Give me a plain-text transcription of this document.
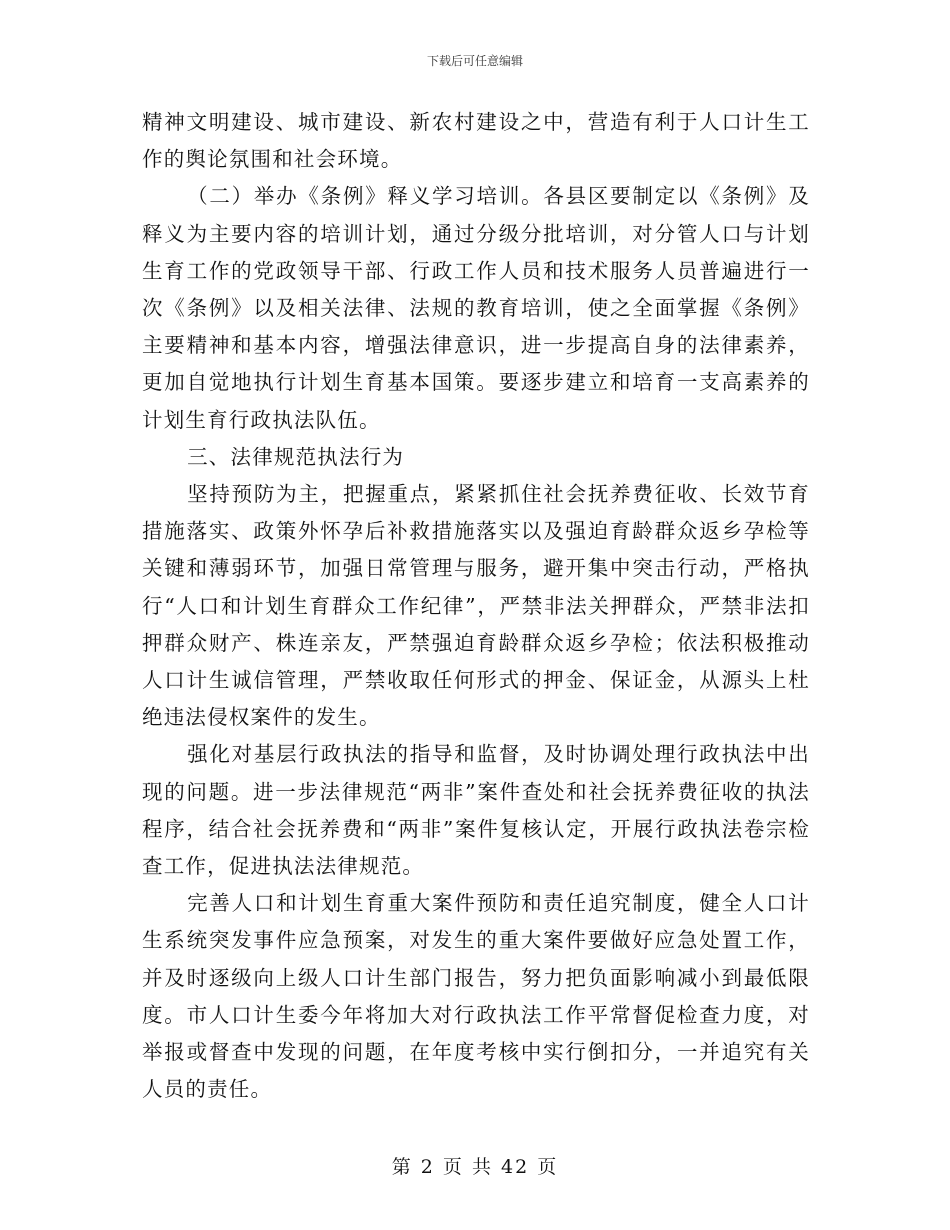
下载后可任意编辑

精神文明建设、城市建设、新农村建设之中，营造有利于人口计生工作的舆论氛围和社会环境。

（二）举办《条例》释义学习培训。各县区要制定以《条例》及释义为主要内容的培训计划，通过分级分批培训，对分管人口与计划生育工作的党政领导干部、行政工作人员和技术服务人员普遍进行一次《条例》以及相关法律、法规的教育培训，使之全面掌握《条例》主要精神和基本内容，增强法律意识，进一步提高自身的法律素养，更加自觉地执行计划生育基本国策。要逐步建立和培育一支高素养的计划生育行政执法队伍。

三、法律规范执法行为

坚持预防为主，把握重点，紧紧抓住社会抚养费征收、长效节育措施落实、政策外怀孕后补救措施落实以及强迫育龄群众返乡孕检等关键和薄弱环节，加强日常管理与服务，避开集中突击行动，严格执行“人口和计划生育群众工作纪律”，严禁非法关押群众，严禁非法扣押群众财产、株连亲友，严禁强迫育龄群众返乡孕检；依法积极推动人口计生诚信管理，严禁收取任何形式的押金、保证金，从源头上杜绝违法侵权案件的发生。

强化对基层行政执法的指导和监督，及时协调处理行政执法中出现的问题。进一步法律规范“两非”案件查处和社会抚养费征收的执法程序，结合社会抚养费和“两非”案件复核认定，开展行政执法卷宗检查工作，促进执法法律规范。

完善人口和计划生育重大案件预防和责任追究制度，健全人口计生系统突发事件应急预案，对发生的重大案件要做好应急处置工作，并及时逐级向上级人口计生部门报告，努力把负面影响减小到最低限度。市人口计生委今年将加大对行政执法工作平常督促检查力度，对举报或督查中发现的问题，在年度考核中实行倒扣分，一并追究有关人员的责任。

第 2 页 共 42 页
